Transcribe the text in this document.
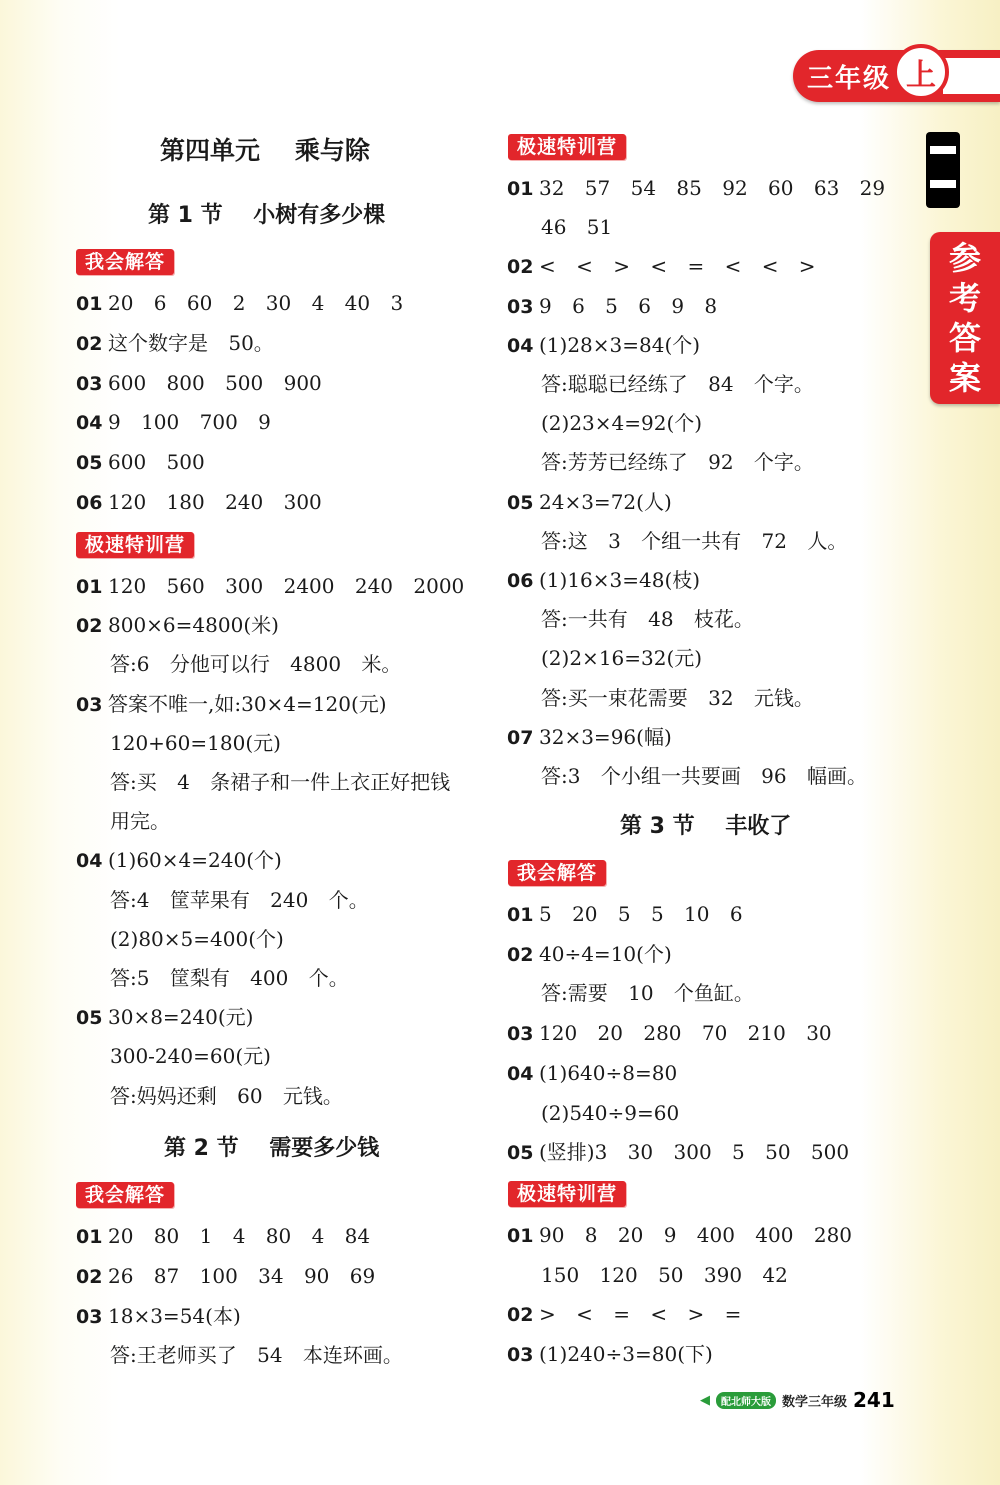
三年级 上
参
考
答
案
第四单元    乘与除
第 1 节    小树有多少棵
我会解答
01 20 6 60 2 30 4 40 3
02 这个数字是 50。
03 600 800 500 900
04 9 100 700 9
05 600 500
06 120 180 240 300
极速特训营
01 120 560 300 2400 240 2000
02 800×6=4800(米)
答:6 分他可以行 4800 米。
03 答案不唯一,如:30×4=120(元)
120+60=180(元)
答:买 4 条裙子和一件上衣正好把钱
用完。
04 (1)60×4=240(个)
答:4 筐苹果有 240 个。
(2)80×5=400(个)
答:5 筐梨有 400 个。
05 30×8=240(元)
300-240=60(元)
答:妈妈还剩 60 元钱。
第 2 节    需要多少钱
我会解答
01 20 80 1 4 80 4 84
02 26 87 100 34 90 69
03 18×3=54(本)
答:王老师买了 54 本连环画。
极速特训营
01 32 57 54 85 92 60 63 29
46 51
02 < < > < = < < >
03 9 6 5 6 9 8
04 (1)28×3=84(个)
答:聪聪已经练了 84 个字。
(2)23×4=92(个)
答:芳芳已经练了 92 个字。
05 24×3=72(人)
答:这 3 个组一共有 72 人。
06 (1)16×3=48(枝)
答:一共有 48 枝花。
(2)2×16=32(元)
答:买一束花需要 32 元钱。
07 32×3=96(幅)
答:3 个小组一共要画 96 幅画。
第 3 节    丰收了
我会解答
01 5 20 5 5 10 6
02 40÷4=10(个)
答:需要 10 个鱼缸。
03 120 20 280 70 210 30
04 (1)640÷8=80
(2)540÷9=60
05 (竖排)3 30 300 5 50 500
极速特训营
01 90 8 20 9 400 400 280
150 120 50 390 42
02 > < = < > =
03 (1)240÷3=80(下)
◀	配北师大版 数学三年级 241
